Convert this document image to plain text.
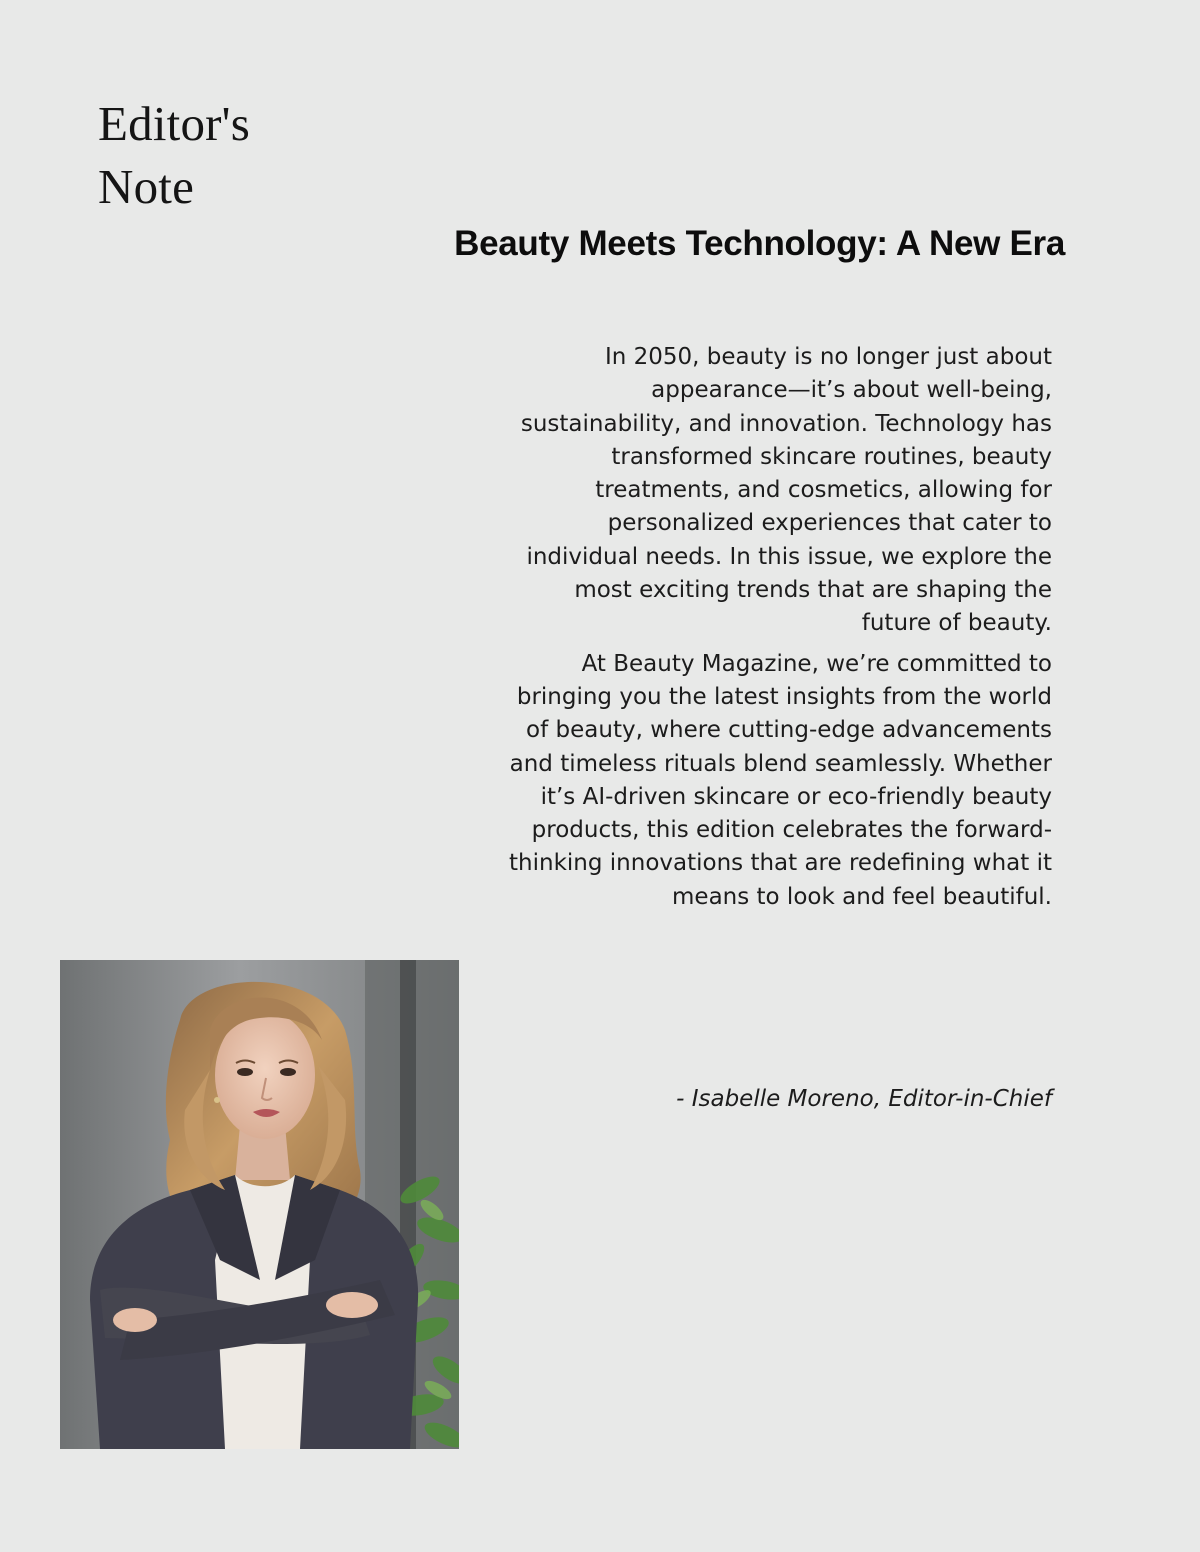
Editor's Note
Beauty Meets Technology: A New Era

In 2050, beauty is no longer just about appearance—it’s about well-being, sustainability, and innovation. Technology has transformed skincare routines, beauty treatments, and cosmetics, allowing for personalized experiences that cater to individual needs. In this issue, we explore the most exciting trends that are shaping the future of beauty.

At Beauty Magazine, we’re committed to bringing you the latest insights from the world of beauty, where cutting-edge advancements and timeless rituals blend seamlessly. Whether it’s AI-driven skincare or eco-friendly beauty products, this edition celebrates the forward-thinking innovations that are redefining what it means to look and feel beautiful.

- Isabelle Moreno, Editor-in-Chief
